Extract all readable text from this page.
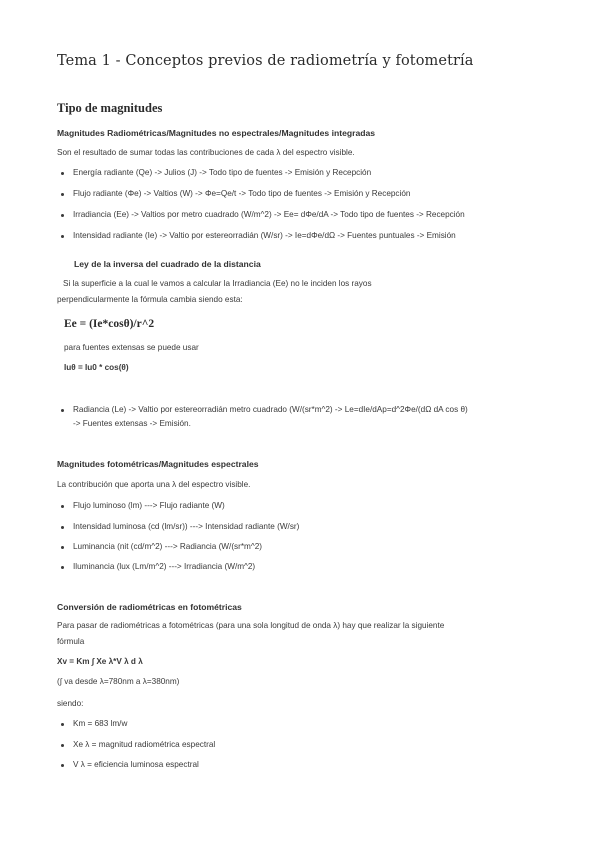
Tema 1 - Conceptos previos de radiometría y fotometría
Tipo de magnitudes
Magnitudes Radiométricas/Magnitudes no espectrales/Magnitudes integradas
Son el resultado de sumar todas las contribuciones de cada λ del espectro visible.
Energía radiante (Qe) -> Julios (J) -> Todo tipo de fuentes -> Emisión y Recepción
Flujo radiante (Φe) -> Valtios (W) -> Φe=Qe/t -> Todo tipo de fuentes -> Emisión y Recepción
Irradiancia (Ee) -> Valtios por metro cuadrado (W/m^2) -> Ee= dΦe/dA -> Todo tipo de fuentes -> Recepción
Intensidad radiante (Ie) -> Valtio por estereorradián (W/sr) -> Ie=dΦe/dΩ -> Fuentes puntuales -> Emisión
Ley de la inversa del cuadrado de la distancia
Si la superficie a la cual le vamos a calcular la Irradiancia (Ee) no le inciden los rayos
perpendicularmente la fórmula cambia siendo esta:
Ee = (Ie*cosθ)/r^2
para fuentes extensas se puede usar
Iuθ = Iu0 * cos(θ)
Radiancia (Le) -> Valtio por estereorradián metro cuadrado (W/(sr*m^2) -> Le=dIe/dAp=d^2Φe/(dΩ dA cos θ)
-> Fuentes extensas -> Emisión.
Magnitudes fotométricas/Magnitudes espectrales
La contribución que aporta una λ del espectro visible.
Flujo luminoso (lm) ---> Flujo radiante (W)
Intensidad luminosa (cd (lm/sr)) ---> Intensidad radiante (W/sr)
Luminancia (nit (cd/m^2) ---> Radiancia (W/(sr*m^2)
Iluminancia (lux (Lm/m^2) ---> Irradiancia (W/m^2)
Conversión de radiométricas en fotométricas
Para pasar de radiométricas a fotométricas (para una sola longitud de onda λ) hay que realizar la siguiente
fórmula
Xv = Km ∫ Xe λ*V λ d λ
(∫ va desde λ=780nm a λ=380nm)
siendo:
Km = 683 lm/w
Xe λ = magnitud radiométrica espectral
V λ = eficiencia luminosa espectral
